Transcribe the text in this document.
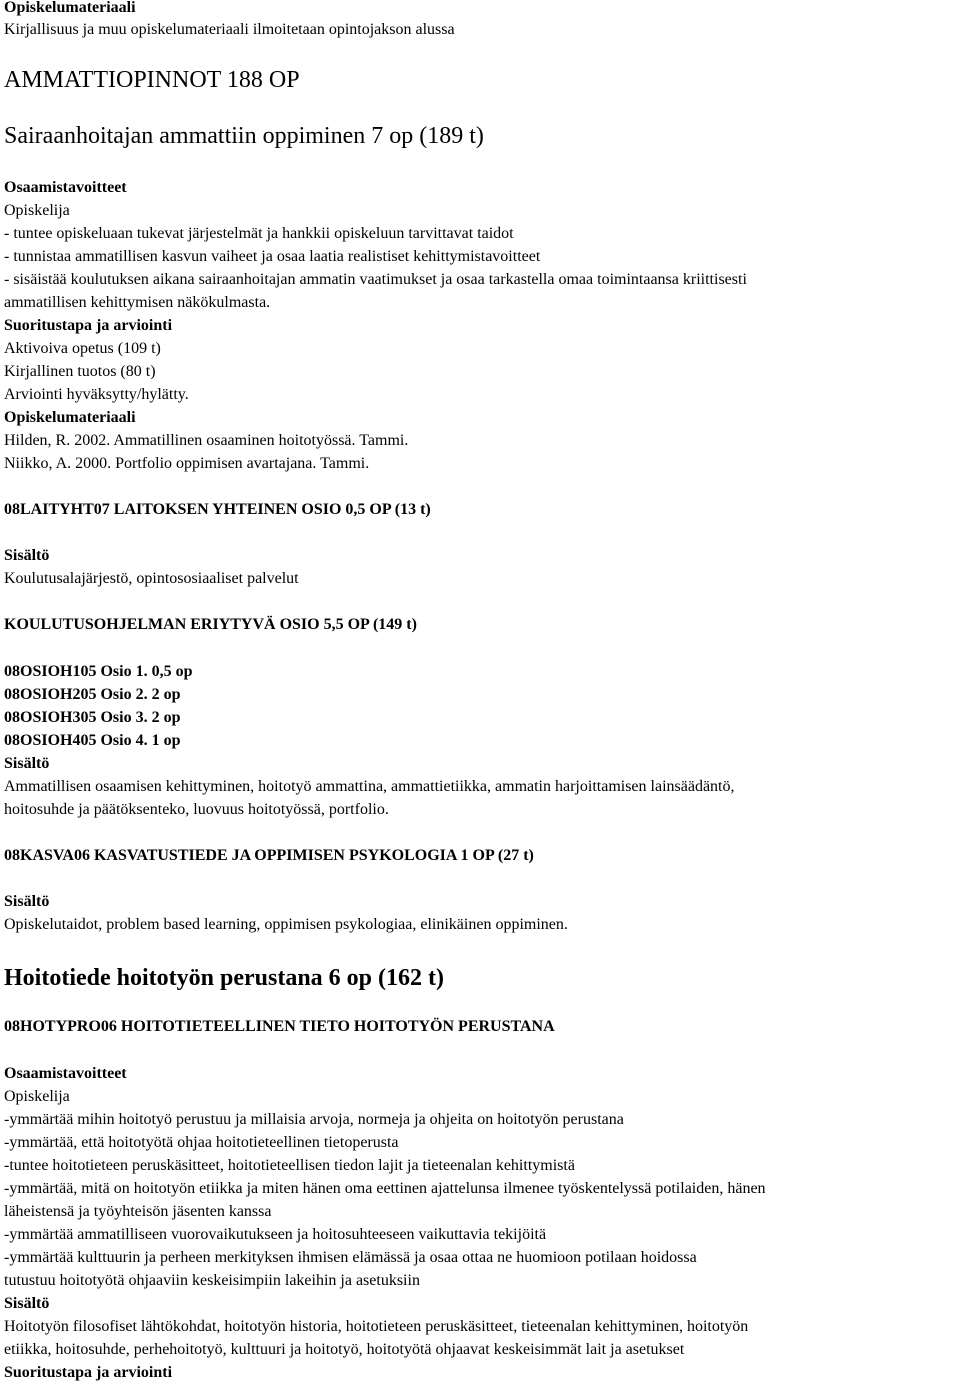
Opiskelumateriaali
Kirjallisuus ja muu opiskelumateriaali ilmoitetaan opintojakson alussa
AMMATTIOPINNOT 188 OP
Sairaanhoitajan ammattiin oppiminen 7 op (189 t)
Osaamistavoitteet
Opiskelija
- tuntee opiskeluaan tukevat järjestelmät ja hankkii opiskeluun tarvittavat taidot
- tunnistaa ammatillisen kasvun vaiheet ja osaa laatia realistiset kehittymistavoitteet
- sisäistää koulutuksen aikana sairaanhoitajan ammatin vaatimukset ja osaa tarkastella omaa toimintaansa kriittisesti
ammatillisen kehittymisen näkökulmasta.
Suoritustapa ja arviointi
Aktivoiva opetus (109 t)
Kirjallinen tuotos (80 t)
Arviointi hyväksytty/hylätty.
Opiskelumateriaali
Hilden, R. 2002. Ammatillinen osaaminen hoitotyössä. Tammi.
Niikko, A. 2000. Portfolio oppimisen avartajana. Tammi.
08LAITYHT07 LAITOKSEN YHTEINEN OSIO 0,5 OP (13 t)
Sisältö
Koulutusalajärjestö, opintososiaaliset palvelut
KOULUTUSOHJELMAN ERIYTYVÄ OSIO 5,5 OP (149 t)
08OSIOH105 Osio 1. 0,5 op
08OSIOH205 Osio 2. 2 op
08OSIOH305 Osio 3. 2 op
08OSIOH405 Osio 4. 1 op
Sisältö
Ammatillisen osaamisen kehittyminen, hoitotyö ammattina, ammattietiikka, ammatin harjoittamisen lainsäädäntö,
hoitosuhde ja päätöksenteko, luovuus hoitotyössä, portfolio.
08KASVA06 KASVATUSTIEDE JA OPPIMISEN PSYKOLOGIA 1 OP (27 t)
Sisältö
Opiskelutaidot, problem based learning, oppimisen psykologiaa, elinikäinen oppiminen.
Hoitotiede hoitotyön perustana 6 op (162 t)
08HOTYPRO06 HOITOTIETEELLINEN TIETO HOITOTYÖN PERUSTANA
Osaamistavoitteet
Opiskelija
-ymmärtää mihin hoitotyö perustuu ja millaisia arvoja, normeja ja ohjeita on hoitotyön perustana
-ymmärtää, että hoitotyötä ohjaa hoitotieteellinen tietoperusta
-tuntee hoitotieteen peruskäsitteet, hoitotieteellisen tiedon lajit ja tieteenalan kehittymistä
-ymmärtää, mitä on hoitotyön etiikka ja miten hänen oma eettinen ajattelunsa ilmenee työskentelyssä potilaiden, hänen
läheistensä ja työyhteisön jäsenten kanssa
-ymmärtää ammatilliseen vuorovaikutukseen ja hoitosuhteeseen vaikuttavia tekijöitä
-ymmärtää kulttuurin ja perheen merkityksen ihmisen elämässä ja osaa ottaa ne huomioon potilaan hoidossa
tutustuu hoitotyötä ohjaaviin keskeisimpiin lakeihin ja asetuksiin
Sisältö
Hoitotyön filosofiset lähtökohdat, hoitotyön historia, hoitotieteen peruskäsitteet, tieteenalan kehittyminen, hoitotyön
etiikka, hoitosuhde, perhehoitotyö, kulttuuri ja hoitotyö, hoitotyötä ohjaavat keskeisimmät lait ja asetukset
Suoritustapa ja arviointi
